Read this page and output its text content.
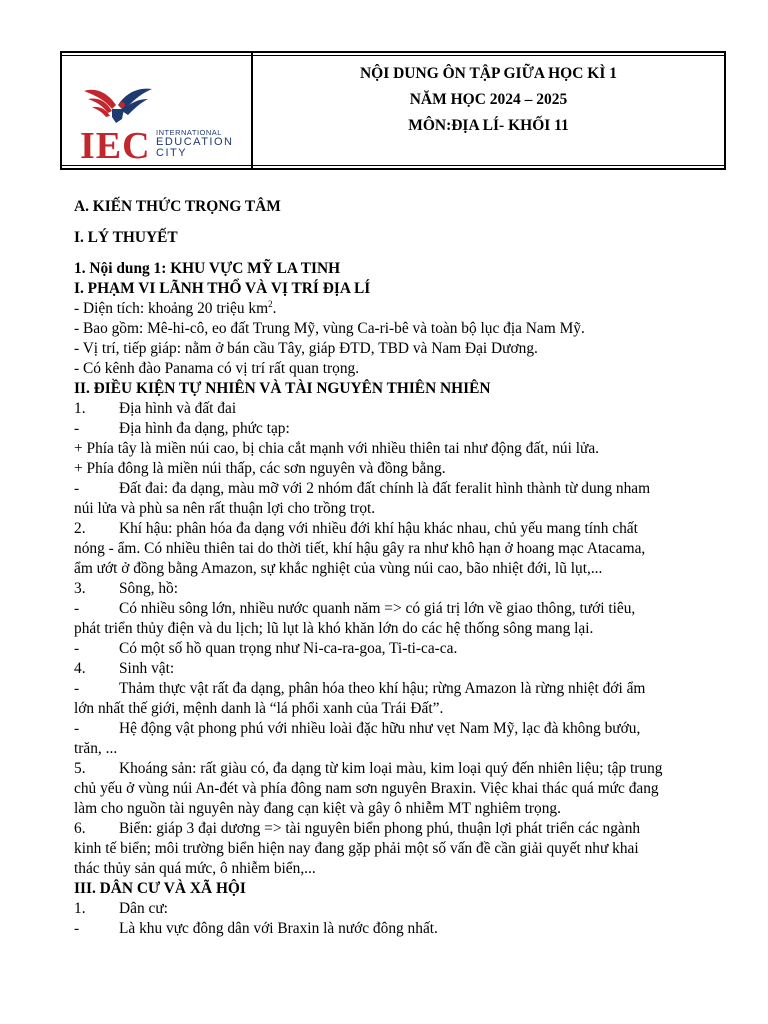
IEC INTERNATIONAL
EDUCATION
CITY
NỘI DUNG ÔN TẬP GIỮA HỌC KÌ 1
NĂM HỌC 2024 – 2025
MÔN:ĐỊA LÍ- KHỐI 11

A. KIẾN THỨC TRỌNG TÂM

I. LÝ THUYẾT

1. Nội dung 1: KHU VỰC MỸ LA TINH

I. PHẠM VI LÃNH THỔ VÀ VỊ TRÍ ĐỊA LÍ

- Diện tích: khoảng 20 triệu $km^2$.

- Bao gồm: Mê-hi-cô, eo đất Trung Mỹ, vùng Ca-ri-bê và toàn bộ lục địa Nam Mỹ.

- Vị trí, tiếp giáp: nằm ở bán cầu Tây, giáp ĐTD, TBD và Nam Đại Dương.

- Có kênh đào Panama có vị trí rất quan trọng.

II. ĐIỀU KIỆN TỰ NHIÊN VÀ TÀI NGUYÊN THIÊN NHIÊN

1. Địa hình và đất đai

-	Địa hình đa dạng, phức tạp:

+ Phía tây là miền núi cao, bị chia cắt mạnh với nhiều thiên tai như động đất, núi lửa.

+ Phía đông là miền núi thấp, các sơn nguyên và đồng bằng.

-	Đất đai: đa dạng, màu mỡ với 2 nhóm đất chính là đất feralit hình thành từ dung nham

núi lửa và phù sa nên rất thuận lợi cho trồng trọt.

2. Khí hậu: phân hóa đa dạng với nhiều đới khí hậu khác nhau, chủ yếu mang tính chất

nóng - ẩm. Có nhiều thiên tai do thời tiết, khí hậu gây ra như khô hạn ở hoang mạc Atacama,

ẩm ướt ở đồng bằng Amazon, sự khắc nghiệt của vùng núi cao, bão nhiệt đới, lũ lụt,...

3. Sông, hồ:

-	Có nhiều sông lớn, nhiều nước quanh năm => có giá trị lớn về giao thông, tưới tiêu,

phát triển thủy điện và du lịch; lũ lụt là khó khăn lớn do các hệ thống sông mang lại.

-	Có một số hồ quan trọng như Ni-ca-ra-goa, Ti-ti-ca-ca.

4. Sinh vật:

-	Thảm thực vật rất đa dạng, phân hóa theo khí hậu; rừng Amazon là rừng nhiệt đới ẩm

lớn nhất thế giới, mệnh danh là “lá phổi xanh của Trái Đất”.

-	Hệ động vật phong phú với nhiều loài đặc hữu như vẹt Nam Mỹ, lạc đà không bướu,

trăn, ...

5. Khoáng sản: rất giàu có, đa dạng từ kim loại màu, kim loại quý đến nhiên liệu; tập trung

chủ yếu ở vùng núi An-đét và phía đông nam sơn nguyên Braxin. Việc khai thác quá mức đang

làm cho nguồn tài nguyên này đang cạn kiệt và gây ô nhiễm MT nghiêm trọng.

6. Biển: giáp 3 đại dương => tài nguyên biển phong phú, thuận lợi phát triển các ngành

kinh tế biển; môi trường biển hiện nay đang gặp phải một số vấn đề cần giải quyết như khai

thác thủy sản quá mức, ô nhiễm biển,...

III. DÂN CƯ VÀ XÃ HỘI

1. Dân cư:

-	Là khu vực đông dân với Braxin là nước đông nhất.
